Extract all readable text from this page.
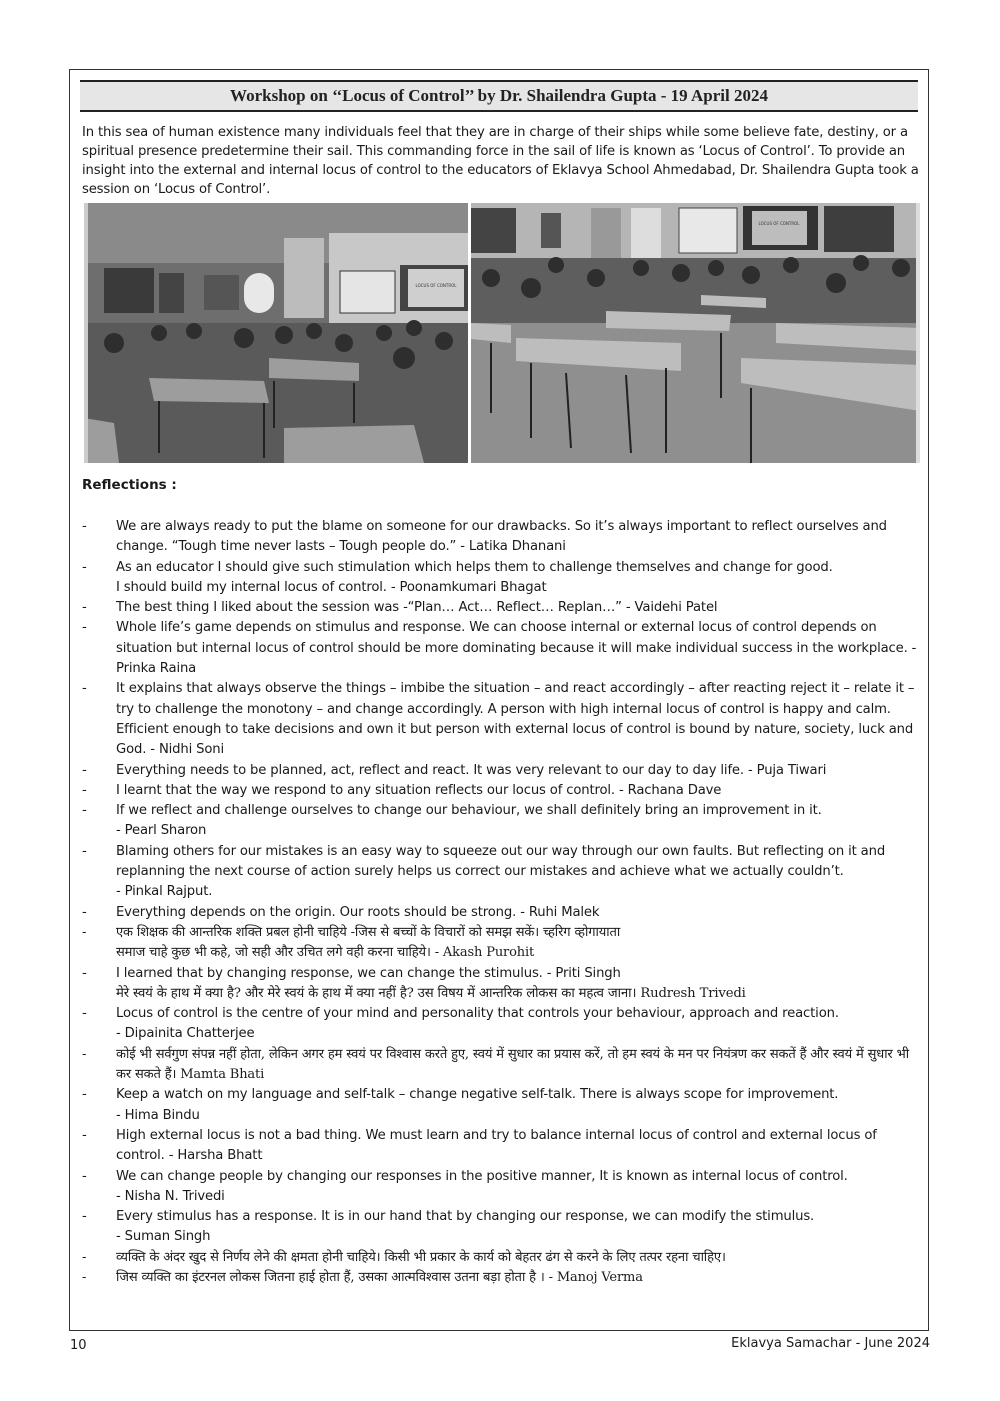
Workshop on ‘‘Locus of Control’’ by Dr. Shailendra Gupta - 19 April 2024

In this sea of human existence many individuals feel that they are in charge of their ships while some believe fate, destiny, or a spiritual presence predetermine their sail. This commanding force in the sail of life is known as ‘Locus of Control’. To provide an insight into the external and internal locus of control to the educators of Eklavya School Ahmedabad, Dr. Shailendra Gupta took a session on ‘Locus of Control’.

LOCUS OF CONTROL
LOCUS OF CONTROL
Reflections :
-	We are always ready to put the blame on someone for our drawbacks. So it’s always important to reflect ourselves and change. “Tough time never lasts – Tough people do.” - Latika Dhanani
-	As an educator I should give such stimulation which helps them to challenge themselves and change for good.
I should build my internal locus of control. - Poonamkumari Bhagat
-	The best thing I liked about the session was -“Plan… Act… Reflect… Replan…” - Vaidehi Patel
-	Whole life’s game depends on stimulus and response. We can choose internal or external locus of control depends on situation but internal locus of control should be more dominating because it will make individual success in the workplace. - Prinka Raina
-	It explains that always observe the things – imbibe the situation – and react accordingly – after reacting reject it – relate it – try to challenge the monotony – and change accordingly. A person with high internal locus of control is happy and calm. Efficient enough to take decisions and own it but person with external locus of control is bound by nature, society, luck and God. - Nidhi Soni
-	Everything needs to be planned, act, reflect and react. It was very relevant to our day to day life. - Puja Tiwari
-	I learnt that the way we respond to any situation reflects our locus of control. - Rachana Dave
-	If we reflect and challenge ourselves to change our behaviour, we shall definitely bring an improvement in it.
- Pearl Sharon
-	Blaming others for our mistakes is an easy way to squeeze out our way through our own faults. But reflecting on it and replanning the next course of action surely helps us correct our mistakes and achieve what we actually couldn’t.
- Pinkal Rajput.
-	Everything depends on the origin. Our roots should be strong. - Ruhi Malek
-	एक शिक्षक की आन्तरिक शक्ति प्रबल होनी चाहिये -जिस से बच्चों के विचारों को समझ सकें। च्हरिग व्होगायाता
समाज चाहे कुछ भी कहे, जो सही और उचित लगे वही करना चाहिये। - Akash Purohit
-	I learned that by changing response, we can change the stimulus. - Priti Singh
मेरे स्वयं के हाथ में क्या है? और मेरे स्वयं के हाथ में क्या नहीं है? उस विषय में आन्तरिक लोकस का महत्व जाना। Rudresh Trivedi
-	Locus of control is the centre of your mind and personality that controls your behaviour, approach and reaction.
- Dipainita Chatterjee
-	कोई भी सर्वगुण संपन्न नहीं होता, लेकिन अगर हम स्वयं पर विश्वास करते हुए, स्वयं में सुधार का प्रयास करें, तो हम स्वयं के मन पर नियंत्रण कर सकतें हैं और स्वयं में सुधार भी कर सकते हैं। Mamta Bhati
-	Keep a watch on my language and self-talk – change negative self-talk. There is always scope for improvement.
- Hima Bindu
-	High external locus is not a bad thing. We must learn and try to balance internal locus of control and external locus of control. - Harsha Bhatt
-	We can change people by changing our responses in the positive manner, It is known as internal locus of control.
- Nisha N. Trivedi
-	Every stimulus has a response. It is in our hand that by changing our response, we can modify the stimulus.
- Suman Singh
-	व्यक्ति के अंदर खुद से निर्णय लेने की क्षमता होनी चाहिये। किसी भी प्रकार के कार्य को बेहतर ढंग से करने के लिए तत्पर रहना चाहिए।
-	जिस व्यक्ति का इंटरनल लोकस जितना हाई होता हैं, उसका आत्मविश्वास उतना बड़ा होता है । - Manoj Verma
10	Eklavya Samachar - June 2024
